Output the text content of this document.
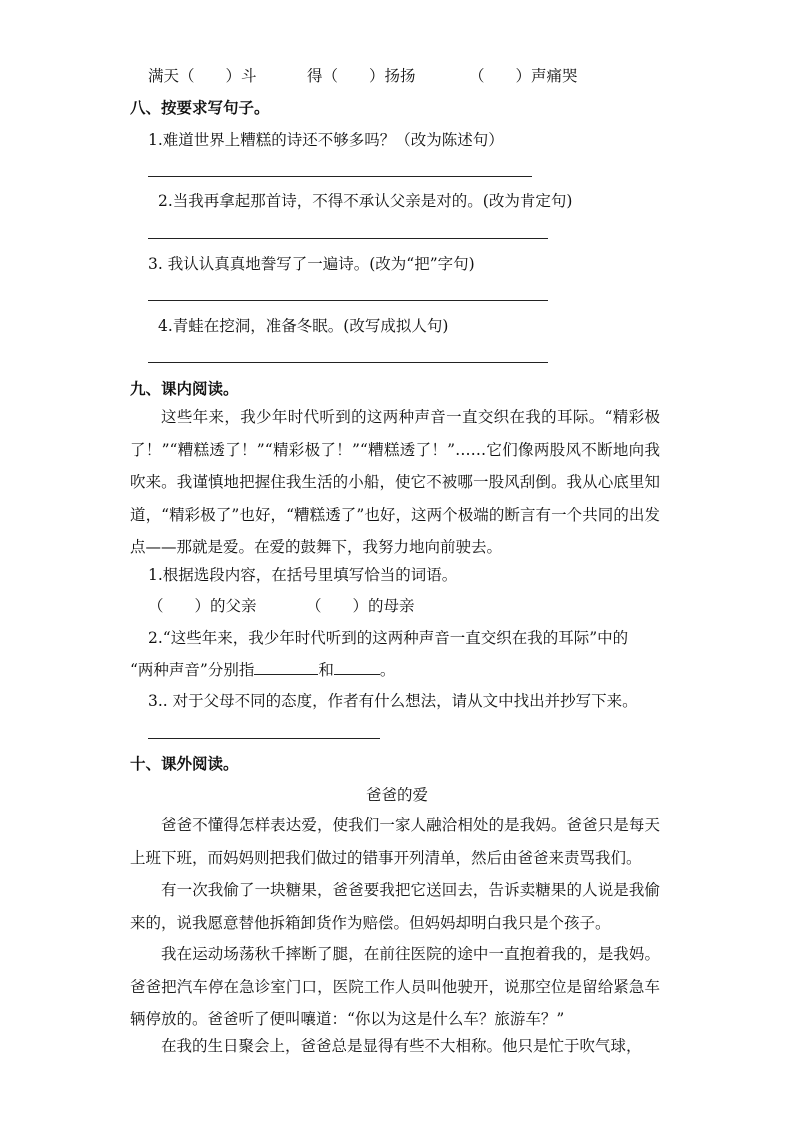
满天（　　）斗	得（　　）扬扬	（　　）声痛哭
八、按要求写句子。
1.难道世界上糟糕的诗还不够多吗？（改为陈述句）
2.当我再拿起那首诗，不得不承认父亲是对的。(改为肯定句)
3. 我认认真真地誊写了一遍诗。(改为“把”字句)
4.青蛙在挖洞，准备冬眠。(改写成拟人句)
九、课内阅读。
这些年来，我少年时代听到的这两种声音一直交织在我的耳际。“精彩极了！”“糟糕透了！”“精彩极了！”“糟糕透了！”……它们像两股风不断地向我吹来。我谨慎地把握住我生活的小船，使它不被哪一股风刮倒。我从心底里知道，“精彩极了”也好，“糟糕透了”也好，这两个极端的断言有一个共同的出发点——那就是爱。在爱的鼓舞下，我努力地向前驶去。
1.根据选段内容，在括号里填写恰当的词语。
（　　）的父亲	（　　）的母亲
2.“这些年来，我少年时代听到的这两种声音一直交织在我的耳际”中的
“两种声音”分别指	和	。
3.. 对于父母不同的态度，作者有什么想法，请从文中找出并抄写下来。
十、课外阅读。
爸爸的爱
爸爸不懂得怎样表达爱，使我们一家人融洽相处的是我妈。爸爸只是每天上班下班，而妈妈则把我们做过的错事开列清单，然后由爸爸来责骂我们。
有一次我偷了一块糖果，爸爸要我把它送回去，告诉卖糖果的人说是我偷来的，说我愿意替他拆箱卸货作为赔偿。但妈妈却明白我只是个孩子。
我在运动场荡秋千摔断了腿，在前往医院的途中一直抱着我的，是我妈。爸爸把汽车停在急诊室门口，医院工作人员叫他驶开，说那空位是留给紧急车辆停放的。爸爸听了便叫嚷道：“你以为这是什么车？旅游车？”
在我的生日聚会上，爸爸总是显得有些不大相称。他只是忙于吹气球，
